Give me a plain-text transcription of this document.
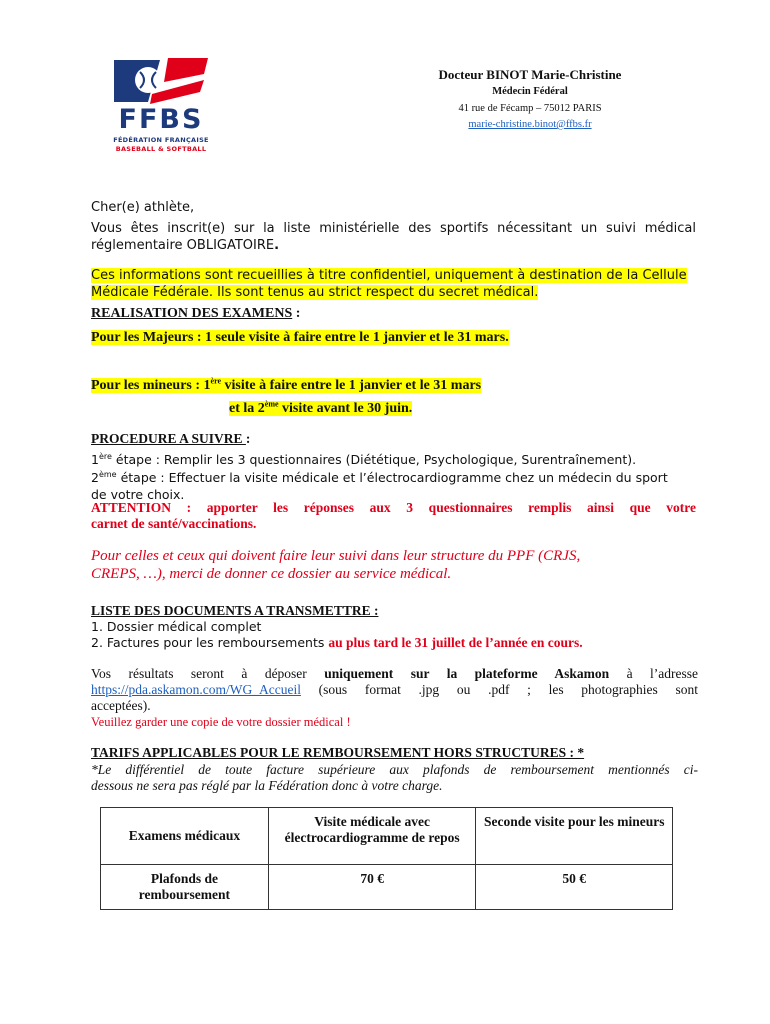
FFBS
FÉDÉRATION FRANÇAISE
BASEBALL & SOFTBALL
Docteur BINOT Marie-Christine
Médecin Fédéral
41 rue de Fécamp – 75012 PARIS
marie-christine.binot@ffbs.fr
Cher(e) athlète,
Vous êtes inscrit(e) sur la liste ministérielle des sportifs nécessitant un suivi médical
réglementaire OBLIGATOIRE.
Ces informations sont recueillies à titre confidentiel, uniquement à destination de la Cellule
Médicale Fédérale. Ils sont tenus au strict respect du secret médical.
REALISATION DES EXAMENS :
Pour les Majeurs : 1 seule visite à faire entre le 1 janvier et le 31 mars.
Pour les mineurs : 1ère visite à faire entre le 1 janvier et le 31 mars
et la 2ème visite avant le 30 juin.
PROCEDURE A SUIVRE :
1ère étape : Remplir les 3 questionnaires (Diététique, Psychologique, Surentraînement).
2ème étape : Effectuer la visite médicale et l’électrocardiogramme chez un médecin du sport
de votre choix.
ATTENTION : apporter les réponses aux 3 questionnaires remplis ainsi que votre
carnet de santé/vaccinations.
Pour celles et ceux qui doivent faire leur suivi dans leur structure du PPF (CRJS,
CREPS, …), merci de donner ce dossier au service médical.
LISTE DES DOCUMENTS A TRANSMETTRE :
1. Dossier médical complet
2. Factures pour les remboursements au plus tard le 31 juillet de l’année en cours.
Vos résultats seront à déposer uniquement sur la plateforme Askamon à l’adresse
https://pda.askamon.com/WG_Accueil (sous format .jpg ou .pdf ; les photographies sont
acceptées).
Veuillez garder une copie de votre dossier médical !
TARIFS APPLICABLES POUR LE REMBOURSEMENT HORS STRUCTURES : *
*Le différentiel de toute facture supérieure aux plafonds de remboursement mentionnés ci-
dessous ne sera pas réglé par la Fédération donc à votre charge.
Examens médicaux	Visite médicale avec électrocardiogramme de repos	Seconde visite pour les mineurs
Plafonds de remboursement	70 €	50 €
